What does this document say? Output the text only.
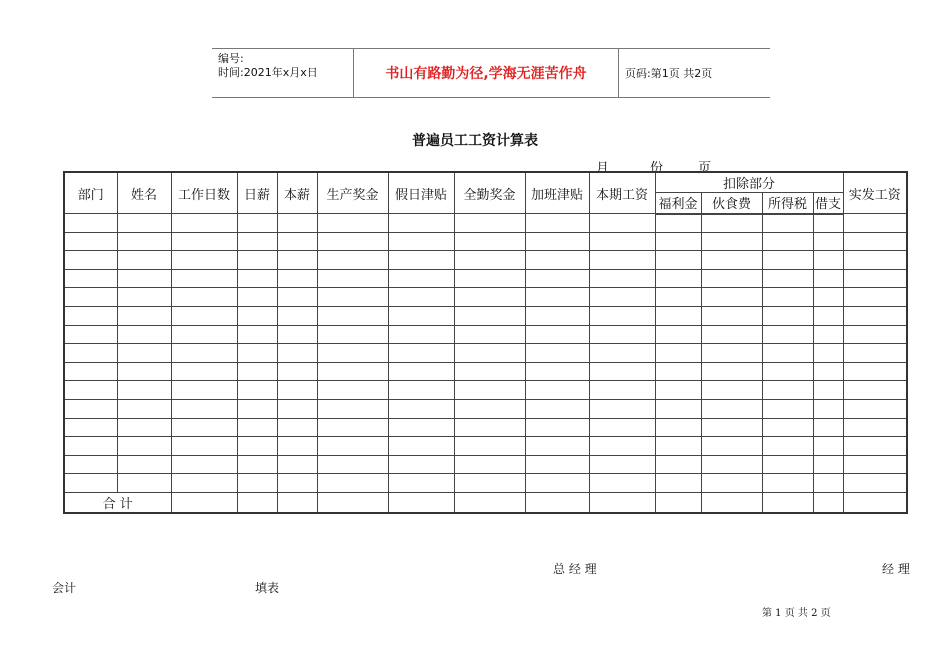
编号:
时间:2021年x月x日	书山有路勤为径,学海无涯苦作舟	页码:第1页 共2页
普遍员工工资计算表
月	份	页
部门	姓名	工作日数	日薪	本薪	生产奖金	假日津贴	全勤奖金	加班津贴	本期工资	扣除部分				实发工资
										福利金	伙食费	所得税	借支	

合 计														
总 经 理	经 理
会计	填表
第 1 页 共 2 页
